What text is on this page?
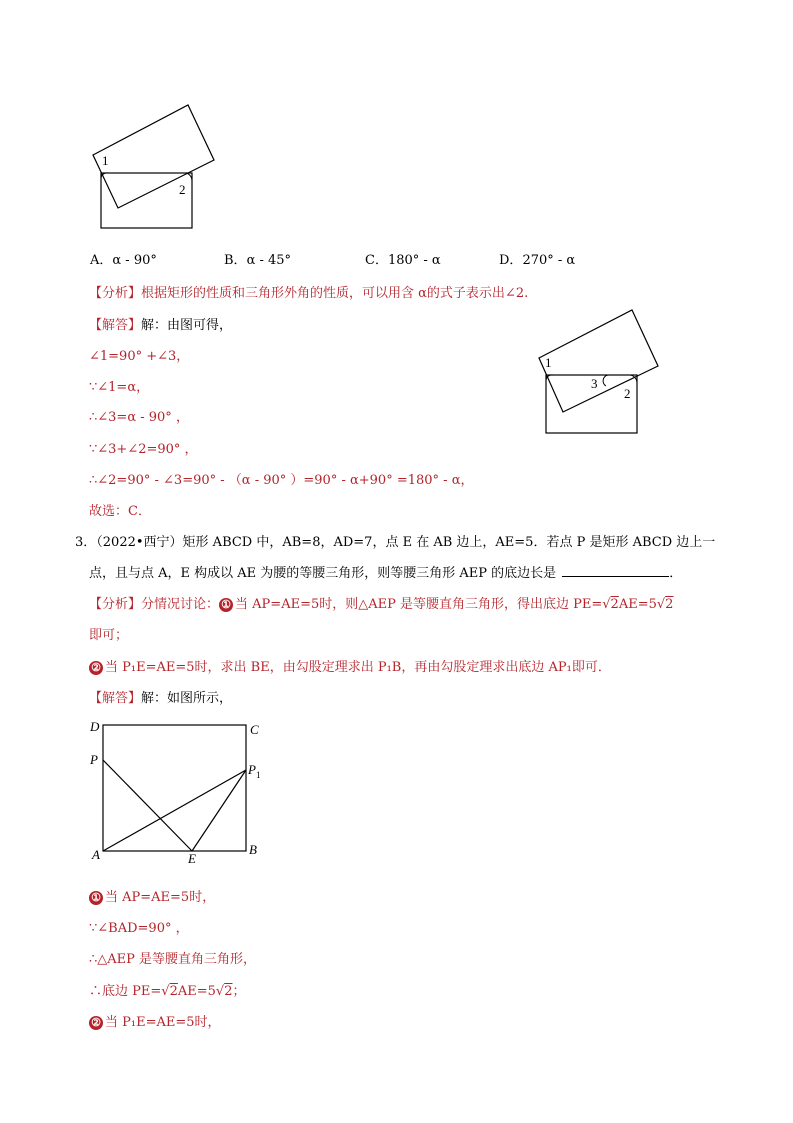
1
2
A．α - 90°	B．α - 45°	C．180° - α	D．270° - α
【分析】根据矩形的性质和三角形外角的性质，可以用含 α的式子表示出∠2.
【解答】解：由图可得，
∠1=90° +∠3，
∵∠1=α，
∴∠3=α - 90° ，
∵∠3+∠2=90° ，
∴∠2=90° - ∠3=90° - （α - 90° ）=90° - α+90° =180° - α，
故选：C．
1
3
2
3．（2022•西宁）矩形 ABCD 中，AB=8，AD=7，点 E 在 AB 边上，AE=5．若点 P 是矩形 ABCD 边上一
点，且与点 A，E 构成以 AE 为腰的等腰三角形，则等腰三角形 AEP 的底边长是	．
【分析】分情况讨论： ① 当 AP=AE=5时，则△AEP 是等腰直角三角形，得出底边 PE=√2AE=5√2
即可；
② 当 P₁E=AE=5时，求出 BE，由勾股定理求出 P₁B，再由勾股定理求出底边 AP₁即可．
【解答】解：如图所示，
D	C
P
$P_1$
A	E
B
① 当 AP=AE=5时，
∵∠BAD=90° ，
∴△AEP 是等腰直角三角形，
∴底边 PE=√2AE=5√2；
② 当 P₁E=AE=5时，
